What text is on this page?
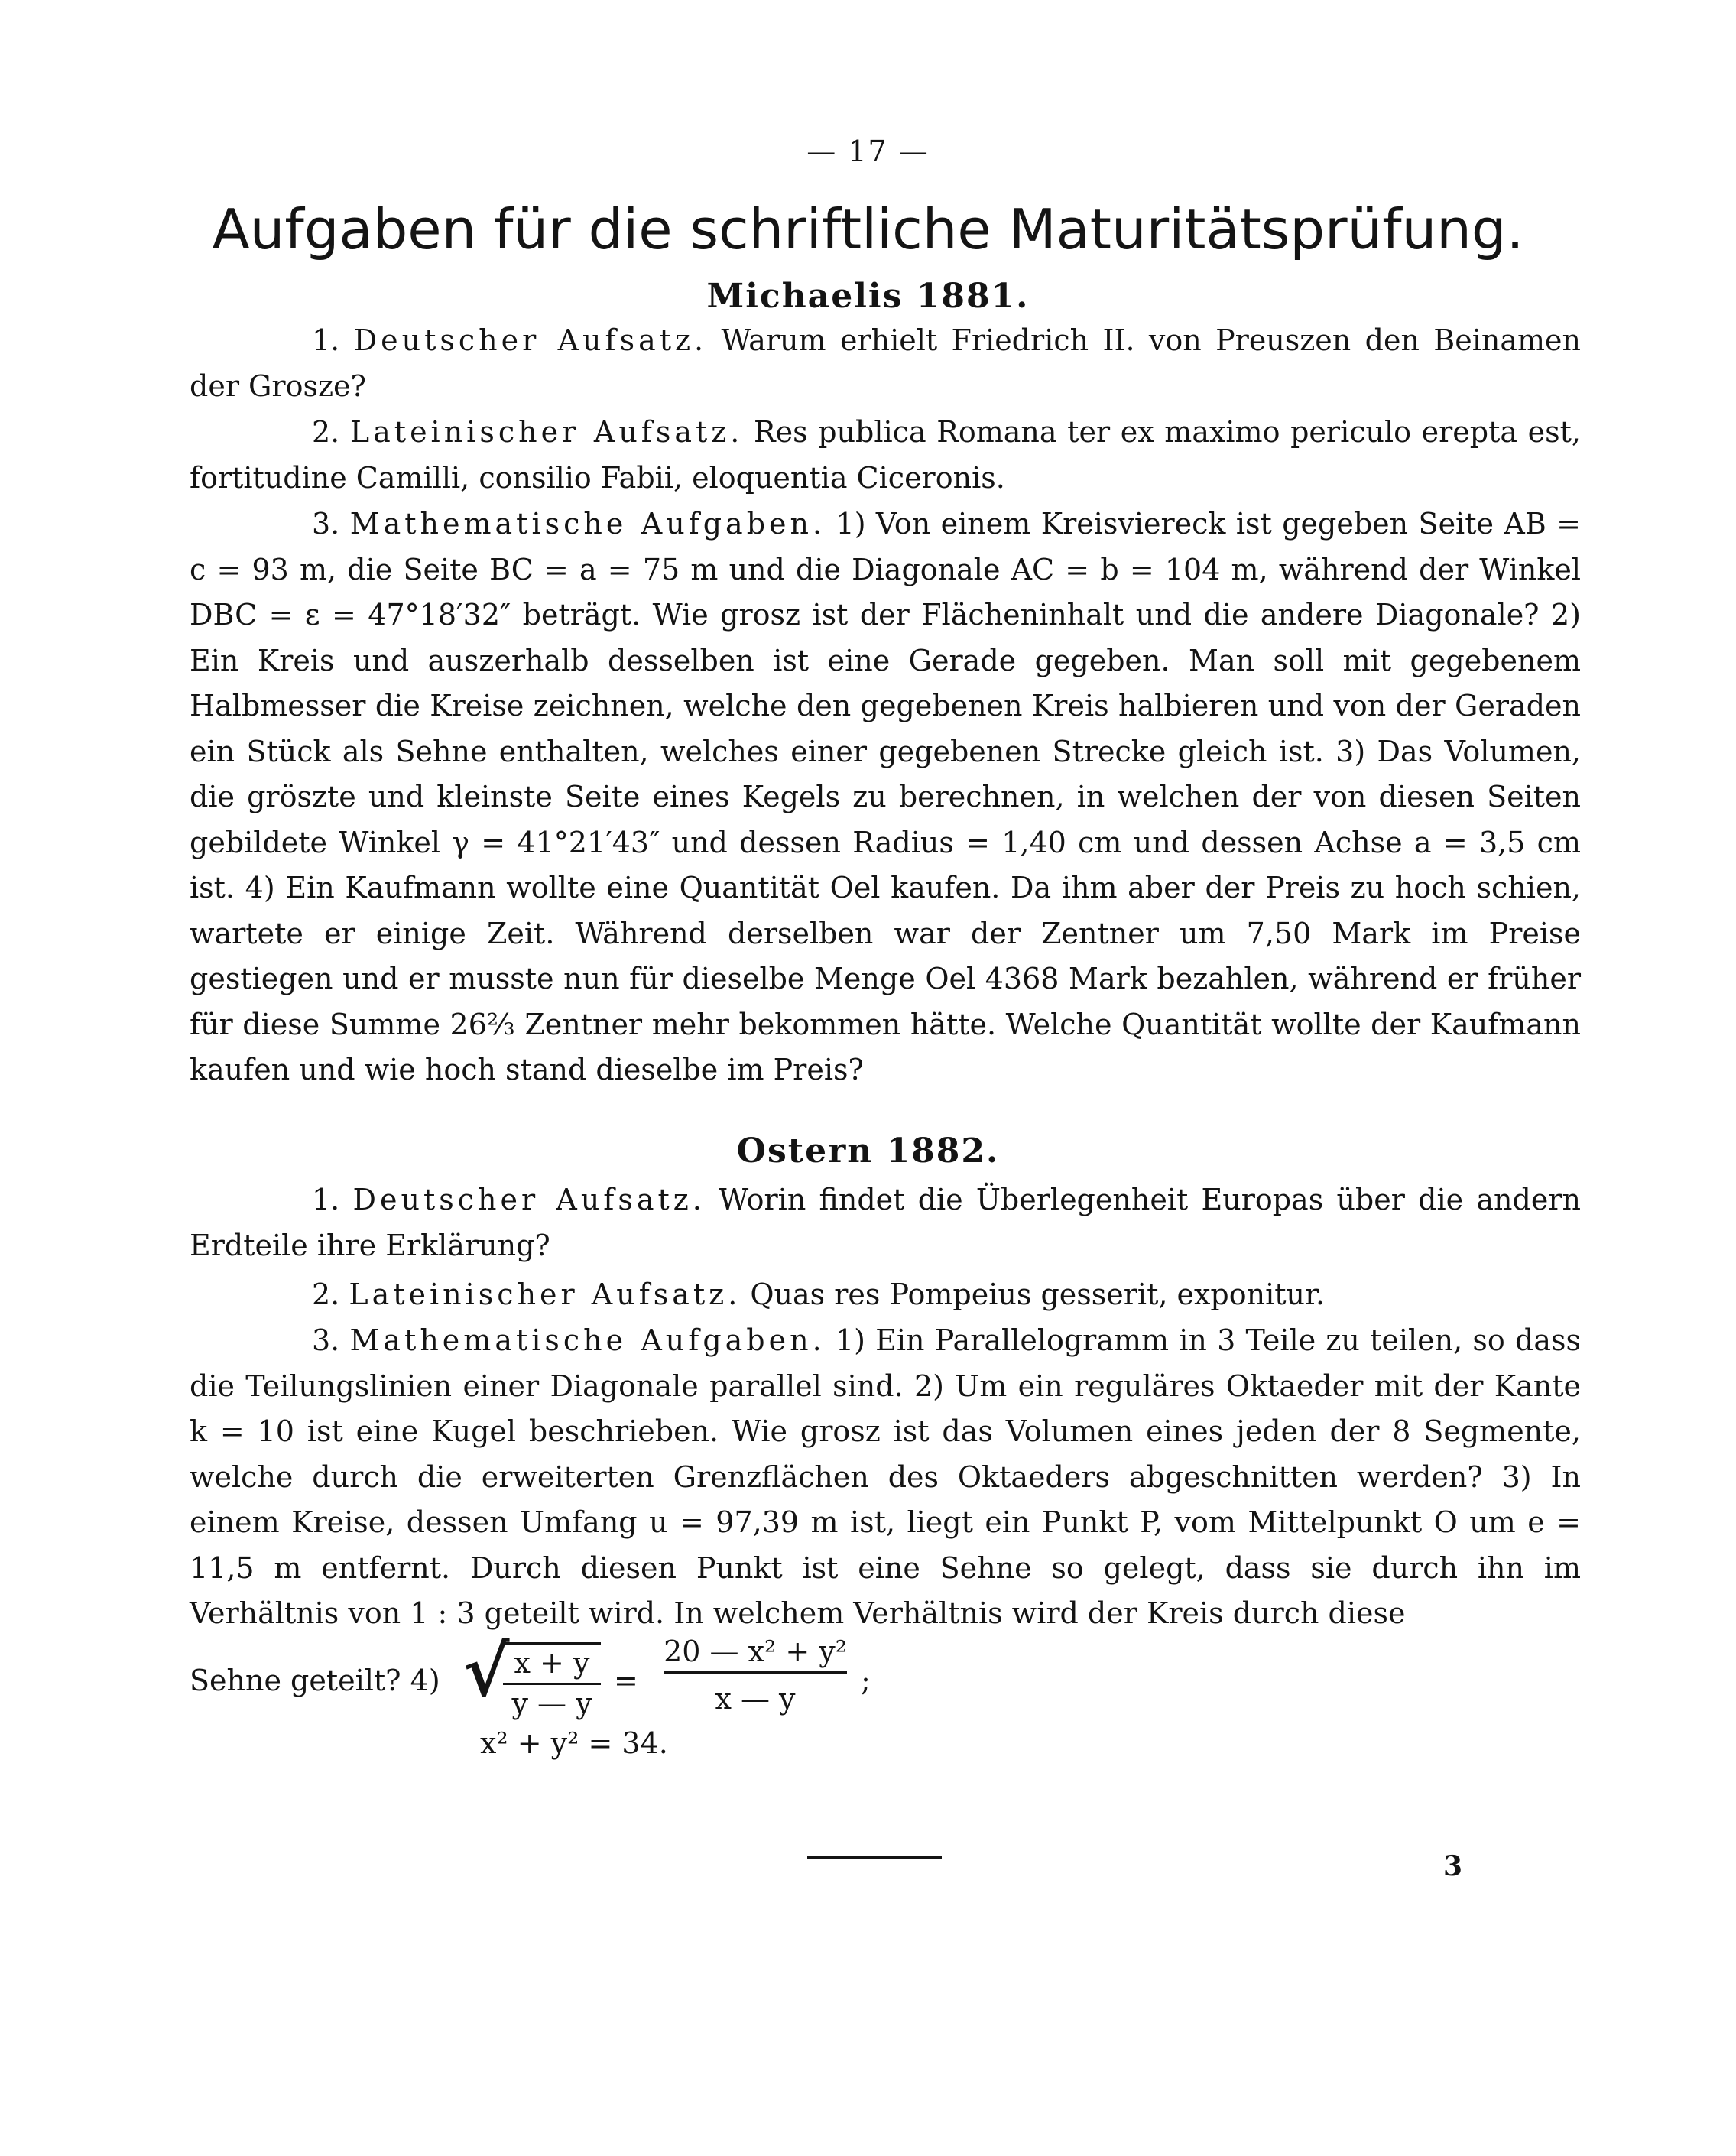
— 17 —
Aufgaben für die schriftliche Maturitätsprüfung.
Michaelis 1881.

1. Deutscher Aufsatz. Warum erhielt Friedrich II. von Preuszen den Beinamen der Grosze?

2. Lateinischer Aufsatz. Res publica Romana ter ex maximo periculo erepta est, fortitudine Camilli, consilio Fabii, eloquentia Ciceronis.

3. Mathematische Aufgaben. 1) Von einem Kreisviereck ist gegeben Seite AB = c = 93 m, die Seite BC = a = 75 m und die Diagonale AC = b = 104 m, während der Winkel DBC = ε = 47°18′32″ beträgt. Wie grosz ist der Flächeninhalt und die andere Diagonale? 2) Ein Kreis und auszerhalb desselben ist eine Gerade gegeben. Man soll mit gegebenem Halbmesser die Kreise zeichnen, welche den gegebenen Kreis halbieren und von der Geraden ein Stück als Sehne enthalten, welches einer gegebenen Strecke gleich ist. 3) Das Volumen, die gröszte und kleinste Seite eines Kegels zu berechnen, in welchen der von diesen Seiten gebildete Winkel γ = 41°21′43″ und dessen Radius = 1,40 cm und dessen Achse a = 3,5 cm ist. 4) Ein Kaufmann wollte eine Quantität Oel kaufen. Da ihm aber der Preis zu hoch schien, wartete er einige Zeit. Während derselben war der Zentner um 7,50 Mark im Preise gestiegen und er musste nun für dieselbe Menge Oel 4368 Mark bezahlen, während er früher für diese Summe 26⅔ Zentner mehr bekommen hätte. Welche Quantität wollte der Kaufmann kaufen und wie hoch stand dieselbe im Preis?

Ostern 1882.

1. Deutscher Aufsatz. Worin findet die Überlegenheit Europas über die andern Erdteile ihre Erklärung?

2. Lateinischer Aufsatz. Quas res Pompeius gesserit, exponitur.

3. Mathematische Aufgaben. 1) Ein Parallelogramm in 3 Teile zu teilen, so dass die Teilungslinien einer Diagonale parallel sind. 2) Um ein reguläres Oktaeder mit der Kante k = 10 ist eine Kugel beschrieben. Wie grosz ist das Volumen eines jeden der 8 Segmente, welche durch die erweiterten Grenzflächen des Oktaeders abgeschnitten werden? 3) In einem Kreise, dessen Umfang u = 97,39 m ist, liegt ein Punkt P, vom Mittelpunkt O um e = 11,5 m entfernt. Durch diesen Punkt ist eine Sehne so gelegt, dass sie durch ihn im Verhältnis von 1 : 3 geteilt wird. In welchem Verhältnis wird der Kreis durch diese

Sehne geteilt? 4) √ x + y
y — y
=
20 — x² + y²
x — y
;
x² + y² = 34.
3
